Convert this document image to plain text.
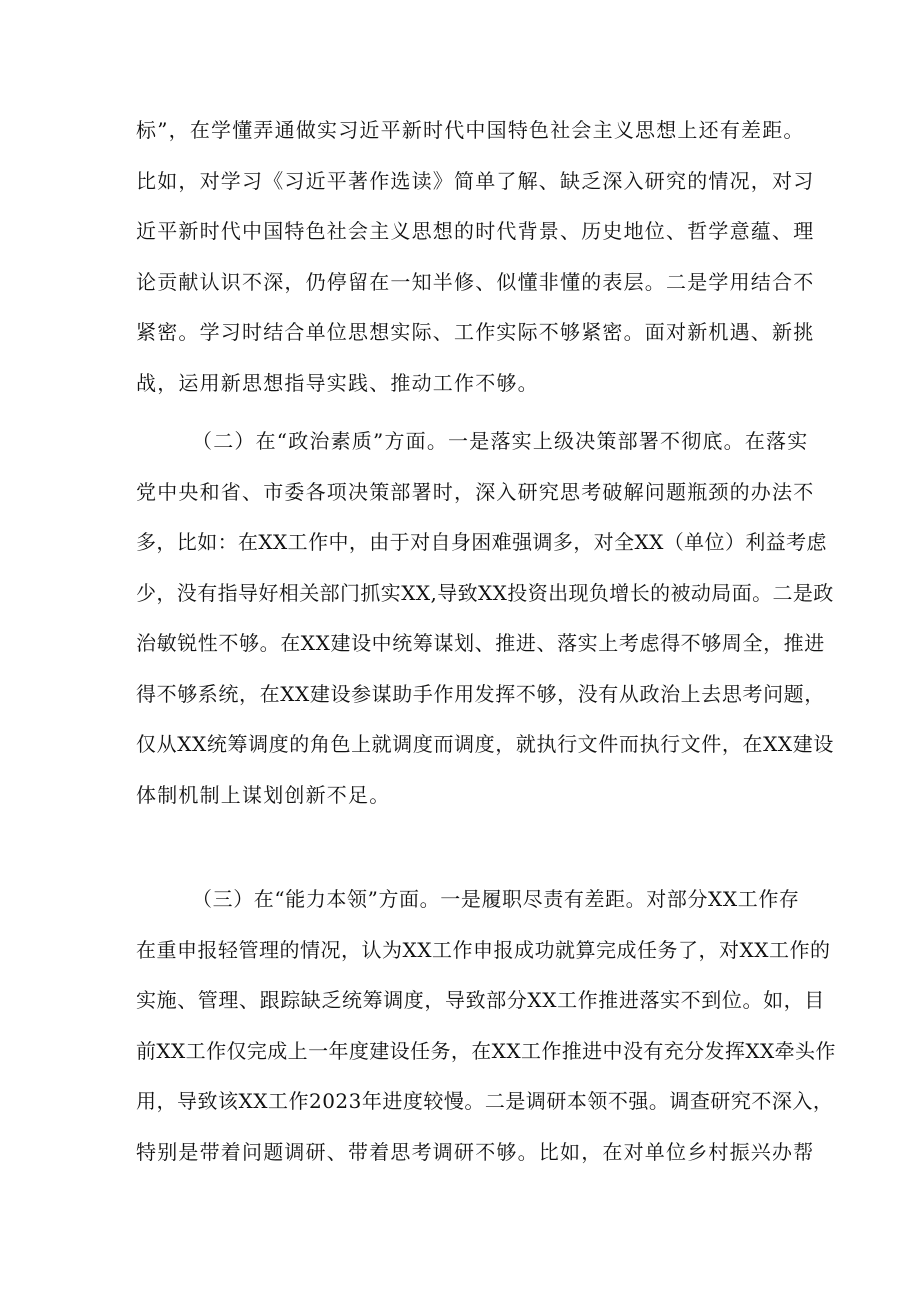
标”，在学懂弄通做实习近平新时代中国特色社会主义思想上还有差距。
比如，对学习《习近平著作选读》简单了解、缺乏深入研究的情况，对习
近平新时代中国特色社会主义思想的时代背景、历史地位、哲学意蕴、理
论贡献认识不深，仍停留在一知半修、似懂非懂的表层。二是学用结合不
紧密。学习时结合单位思想实际、工作实际不够紧密。面对新机遇、新挑
战，运用新思想指导实践、推动工作不够。
（二）在“政治素质”方面。一是落实上级决策部署不彻底。在落实
党中央和省、市委各项决策部署时，深入研究思考破解问题瓶颈的办法不
多，比如：在XX工作中，由于对自身困难强调多，对全XX（单位）利益考虑
少，没有指导好相关部门抓实XX,导致XX投资出现负增长的被动局面。二是政
治敏锐性不够。在XX建设中统筹谋划、推进、落实上考虑得不够周全，推进
得不够系统，在XX建设参谋助手作用发挥不够，没有从政治上去思考问题，
仅从XX统筹调度的角色上就调度而调度，就执行文件而执行文件，在XX建设
体制机制上谋划创新不足。
（三）在“能力本领”方面。一是履职尽责有差距。对部分XX工作存
在重申报轻管理的情况，认为XX工作申报成功就算完成任务了，对XX工作的
实施、管理、跟踪缺乏统筹调度，导致部分XX工作推进落实不到位。如，目
前XX工作仅完成上一年度建设任务，在XX工作推进中没有充分发挥XX牵头作
用，导致该XX工作2023年进度较慢。二是调研本领不强。调查研究不深入，
特别是带着问题调研、带着思考调研不够。比如，在对单位乡村振兴办帮
